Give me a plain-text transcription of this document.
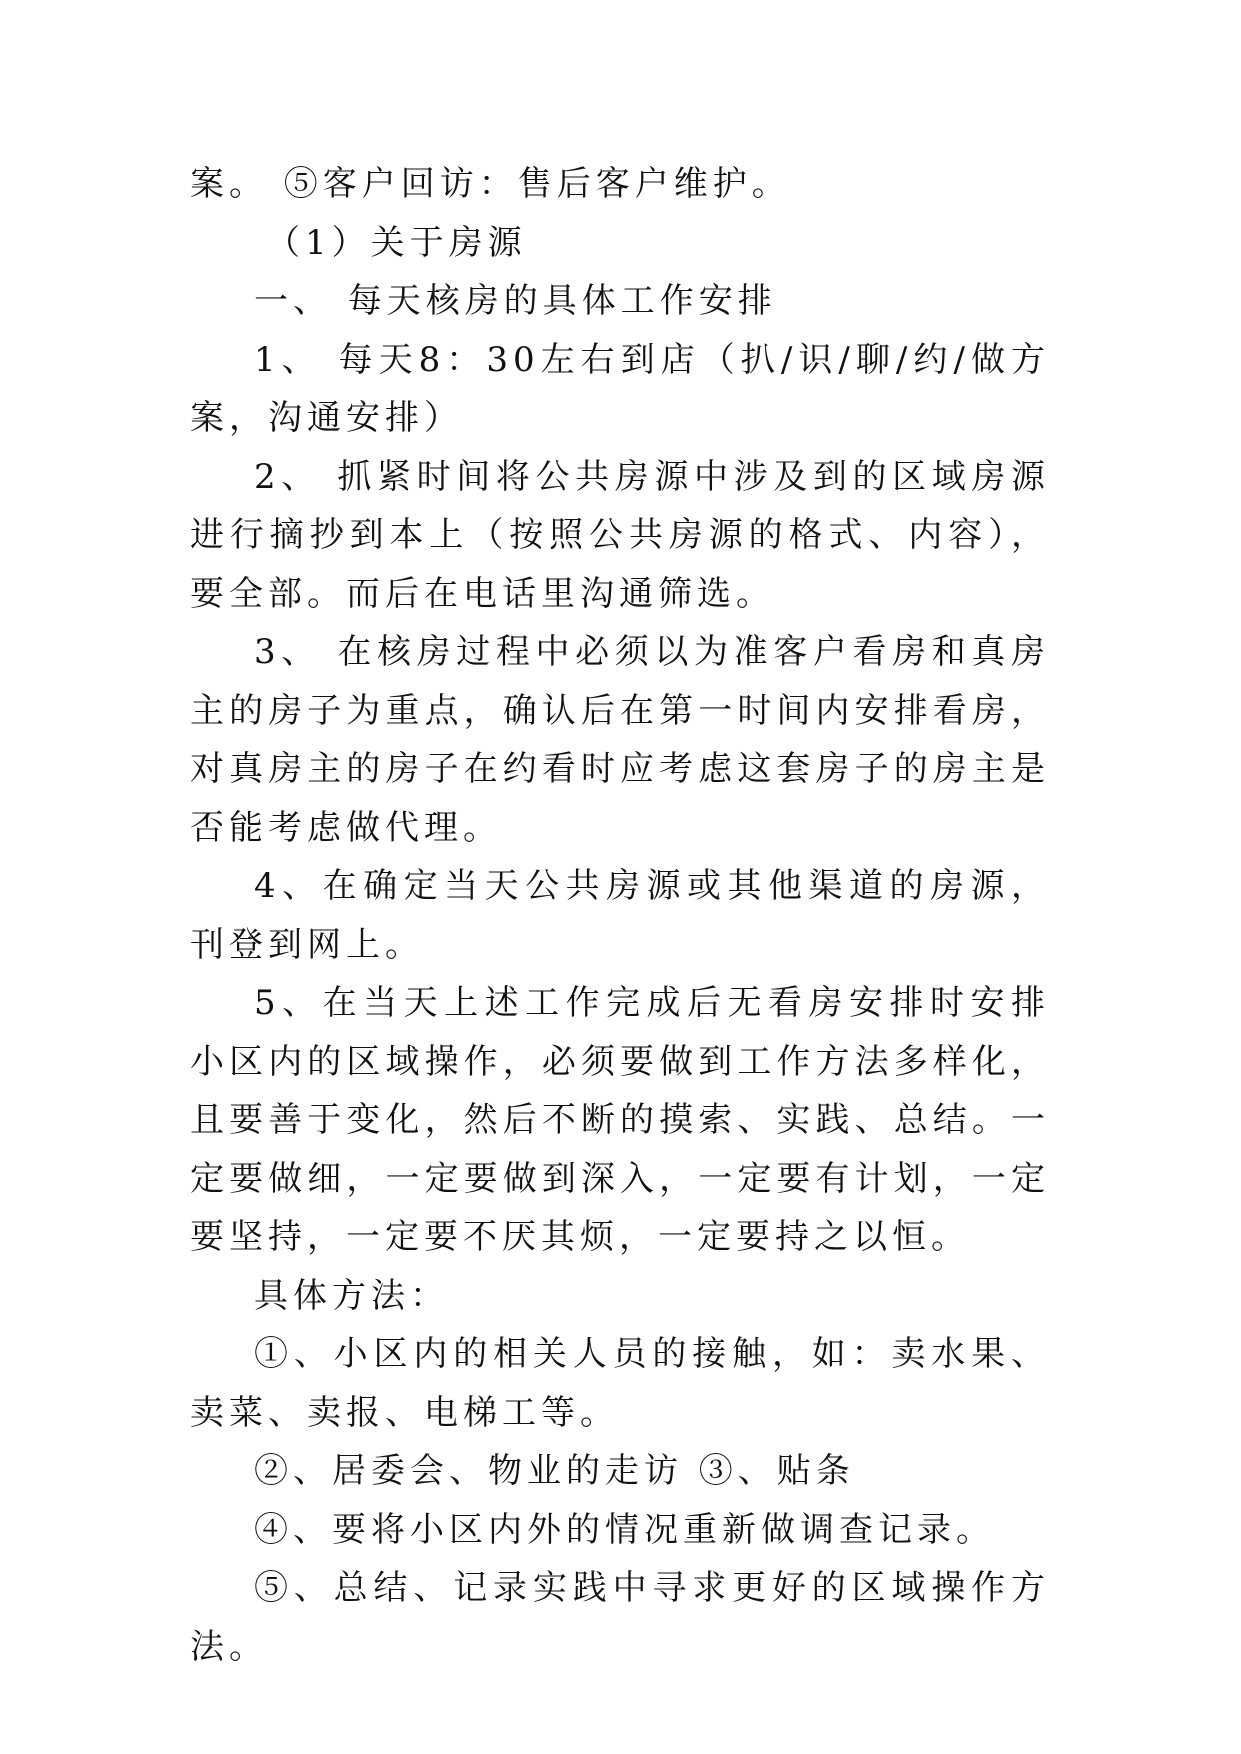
案。 ⑤客户回访：售后客户维护。

（1）关于房源

一、 每天核房的具体工作安排

1、 每天8：30左右到店（扒/识/聊/约/做方案，沟通安排）

2、 抓紧时间将公共房源中涉及到的区域房源进行摘抄到本上（按照公共房源的格式、内容），要全部。而后在电话里沟通筛选。

3、 在核房过程中必须以为准客户看房和真房主的房子为重点，确认后在第一时间内安排看房，对真房主的房子在约看时应考虑这套房子的房主是否能考虑做代理。

4、在确定当天公共房源或其他渠道的房源，刊登到网上。

5、在当天上述工作完成后无看房安排时安排小区内的区域操作，必须要做到工作方法多样化，且要善于变化，然后不断的摸索、实践、总结。一定要做细，一定要做到深入，一定要有计划，一定要坚持，一定要不厌其烦，一定要持之以恒。

具体方法：

①、小区内的相关人员的接触，如：卖水果、卖菜、卖报、电梯工等。

②、居委会、物业的走访 ③、贴条

④、要将小区内外的情况重新做调查记录。

⑤、总结、记录实践中寻求更好的区域操作方法。
